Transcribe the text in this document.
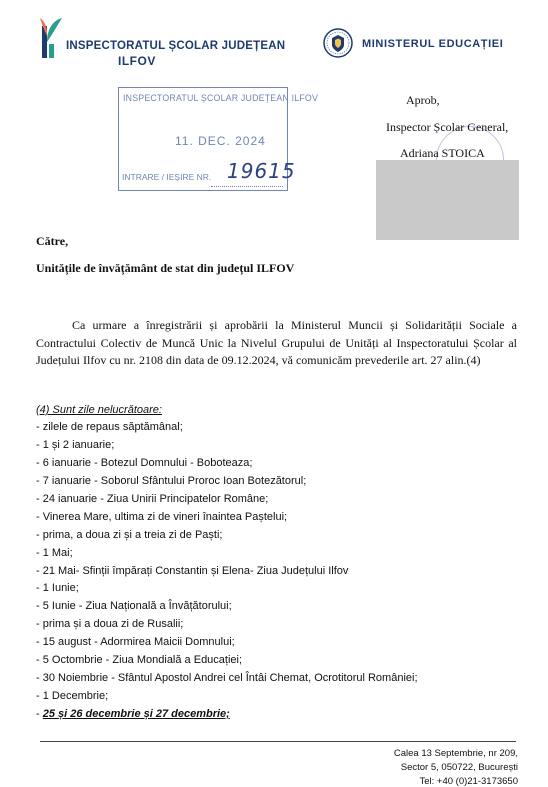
INSPECTORATUL ȘCOLAR JUDEȚEAN
ILFOV
MINISTERUL EDUCAȚIEI
INSPECTORATUL ȘCOLAR JUDEȚEAN ILFOV
11. DEC. 2024
INTRARE / IEȘIRE NR. 19615
Aprob,
Inspector Școlar General,
Adriana STOICA
Către,
Unitățile de învățământ de stat din județul ILFOV

Ca urmare a înregistrării și aprobării la Ministerul Muncii și Solidarității Sociale a Contractului Colectiv de Muncă Unic la Nivelul Grupului de Unități al Inspectoratului Școlar al Județului Ilfov cu nr. 2108 din data de 09.12.2024, vă comunicăm prevederile art. 27 alin.(4)

(4) Sunt zile nelucrătoare:
- zilele de repaus săptămânal;
- 1 și 2 ianuarie;
- 6 ianuarie - Botezul Domnului - Boboteaza;
- 7 ianuarie - Soborul Sfântului Proroc Ioan Botezătorul;
- 24 ianuarie - Ziua Unirii Principatelor Române;
- Vinerea Mare, ultima zi de vineri înaintea Paștelui;
- prima, a doua zi și a treia zi de Paști;
- 1 Mai;
- 21 Mai- Sfinții împărați Constantin și Elena- Ziua Județului Ilfov
- 1 Iunie;
- 5 Iunie - Ziua Națională a Învățătorului;
- prima și a doua zi de Rusalii;
- 15 august - Adormirea Maicii Domnului;
- 5 Octombrie - Ziua Mondială a Educației;
- 30 Noiembrie - Sfântul Apostol Andrei cel Întâi Chemat, Ocrotitorul României;
- 1 Decembrie;
- 25 și 26 decembrie și 27 decembrie;
Calea 13 Septembrie, nr 209,
Sector 5, 050722, București
Tel: +40 (0)21-3173650
